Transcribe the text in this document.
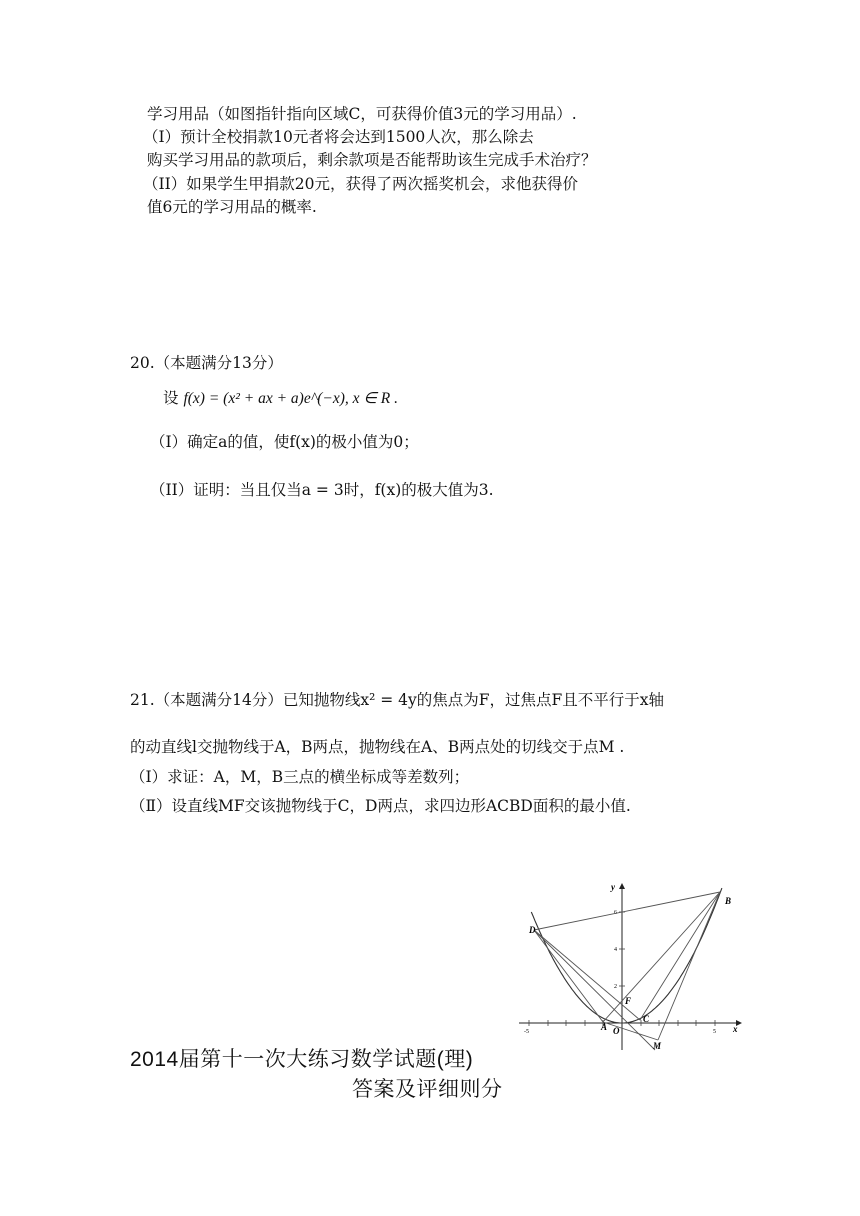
学习用品（如图指针指向区域C，可获得价值3元的学习用品）.
（Ⅰ）预计全校捐款10元者将会达到1500人次，那么除去
购买学习用品的款项后，剩余款项是否能帮助该生完成手术治疗？
（II）如果学生甲捐款20元，获得了两次摇奖机会，求他获得价
值6元的学习用品的概率.
20.（本题满分13分）
设 f(x) = (x² + ax + a)e^(−x), x ∈ R .
（Ⅰ）确定a的值，使f(x)的极小值为0；
（II）证明：当且仅当a = 3时，f(x)的极大值为3.
21.（本题满分14分）已知抛物线x² = 4y的焦点为F，过焦点F且不平行于x轴
的动直线l交抛物线于A，B两点，抛物线在A、B两点处的切线交于点M .
（Ⅰ）求证：A，M，B三点的横坐标成等差数列；
（Ⅱ）设直线MF交该抛物线于C，D两点，求四边形ACBD面积的最小值.
-5	5
2
4
6
B
D
F
A O
C
M
x
y
2014届第十一次大练习数学试题(理)
答案及评细则分
